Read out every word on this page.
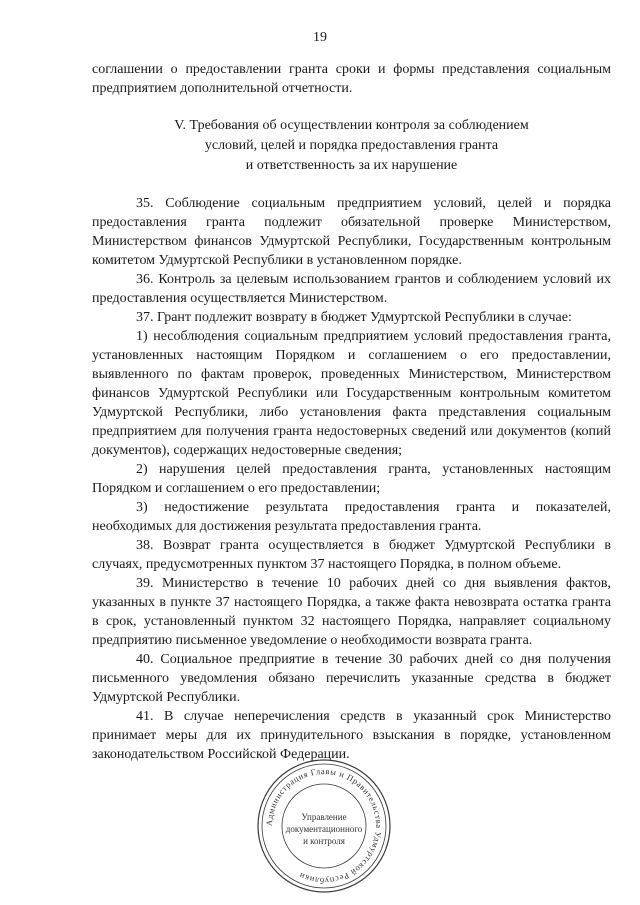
19

соглашении о предоставлении гранта сроки и формы представления социальным предприятием дополнительной отчетности.

V. Требования об осуществлении контроля за соблюдением
условий, целей и порядка предоставления гранта
и ответственность за их нарушение

35. Соблюдение социальным предприятием условий, целей и порядка предоставления гранта подлежит обязательной проверке Министерством, Министерством финансов Удмуртской Республики, Государственным контрольным комитетом Удмуртской Республики в установленном порядке.

36. Контроль за целевым использованием грантов и соблюдением условий их предоставления осуществляется Министерством.

37. Грант подлежит возврату в бюджет Удмуртской Республики в случае:

1) несоблюдения социальным предприятием условий предоставления гранта, установленных настоящим Порядком и соглашением о его предоставлении, выявленного по фактам проверок, проведенных Министерством, Министерством финансов Удмуртской Республики или Государственным контрольным комитетом Удмуртской Республики, либо установления факта представления социальным предприятием для получения гранта недостоверных сведений или документов (копий документов), содержащих недостоверные сведения;

2) нарушения целей предоставления гранта, установленных настоящим Порядком и соглашением о его предоставлении;

3) недостижение результата предоставления гранта и показателей, необходимых для достижения результата предоставления гранта.

38. Возврат гранта осуществляется в бюджет Удмуртской Республики в случаях, предусмотренных пунктом 37 настоящего Порядка, в полном объеме.

39. Министерство в течение 10 рабочих дней со дня выявления фактов, указанных в пункте 37 настоящего Порядка, а также факта невозврата остатка гранта в срок, установленный пунктом 32 настоящего Порядка, направляет социальному предприятию письменное уведомление о необходимости возврата гранта.

40. Социальное предприятие в течение 30 рабочих дней со дня получения письменного уведомления обязано перечислить указанные средства в бюджет Удмуртской Республики.

41. В случае неперечисления средств в указанный срок Министерство принимает меры для их принудительного взыскания в порядке, установленном законодательством Российской Федерации.

Администрация Главы и Правительства Удмуртской Республики
Управление
документационного
и контроля
